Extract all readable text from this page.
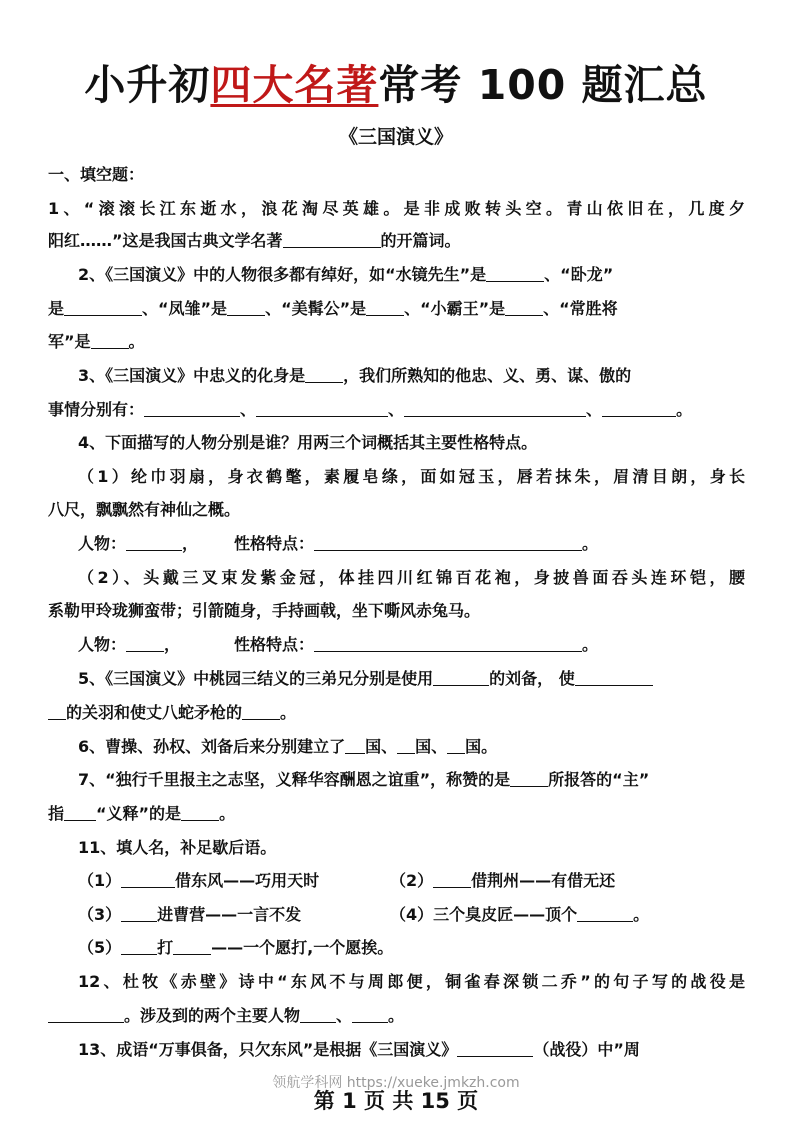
小升初四大名著常考 100 题汇总
《三国演义》
一、填空题：
1、“滚滚长江东逝水，浪花淘尽英雄。是非成败转头空。青山依旧在，几度夕
阳红……”这是我国古典文学名著	的开篇词。
2、《三国演义》中的人物很多都有绰好，如“水镜先生”是	、“卧龙”
是	、“凤雏”是 、“美髯公”是 、“小霸王”是 、“常胜将
军”是 。
3、《三国演义》中忠义的化身是 ，我们所熟知的他忠、义、勇、谋、傲的
事情分别有：	、	、	、	。
4、下面描写的人物分别是谁？用两三个词概括其主要性格特点。
（1）纶巾羽扇，身衣鹤氅，素履皂绦，面如冠玉，唇若抹朱，眉清目朗，身长
八尺，飘飘然有神仙之概。
人物：	， 性格特点：	。
（2）、头戴三叉束发紫金冠，体挂四川红锦百花袍，身披兽面吞头连环铠，腰
系勒甲玲珑狮蛮带；引箭随身，手持画戟，坐下嘶风赤兔马。
人物： ，	性格特点：	。
5、《三国演义》中桃园三结义的三弟兄分别是使用	的刘备， 使
的关羽和使丈八蛇矛枪的 。
6、曹操、孙权、刘备后来分别建立了 国、 国、 国。
7、“独行千里报主之志坚，义释华容酬恩之谊重”，称赞的是 所报答的“主”
指 “义释”的是 。
11、填人名，补足歇后语。
（1）	借东风——巧用天时	（2） 借荆州——有借无还
（3） 进曹营——一言不发	（4）三个臭皮匠——顶个	。
（5） 打 ——一个愿打,一个愿挨。
12、杜牧《赤壁》诗中“东风不与周郎便，铜雀春深锁二乔”的句子写的战役是
。涉及到的两个主要人物 、 。
13、成语“万事俱备，只欠东风”是根据《三国演义》	（战役）中”周
领航学科网 https://xueke.jmkzh.com
第 1 页 共 15 页
